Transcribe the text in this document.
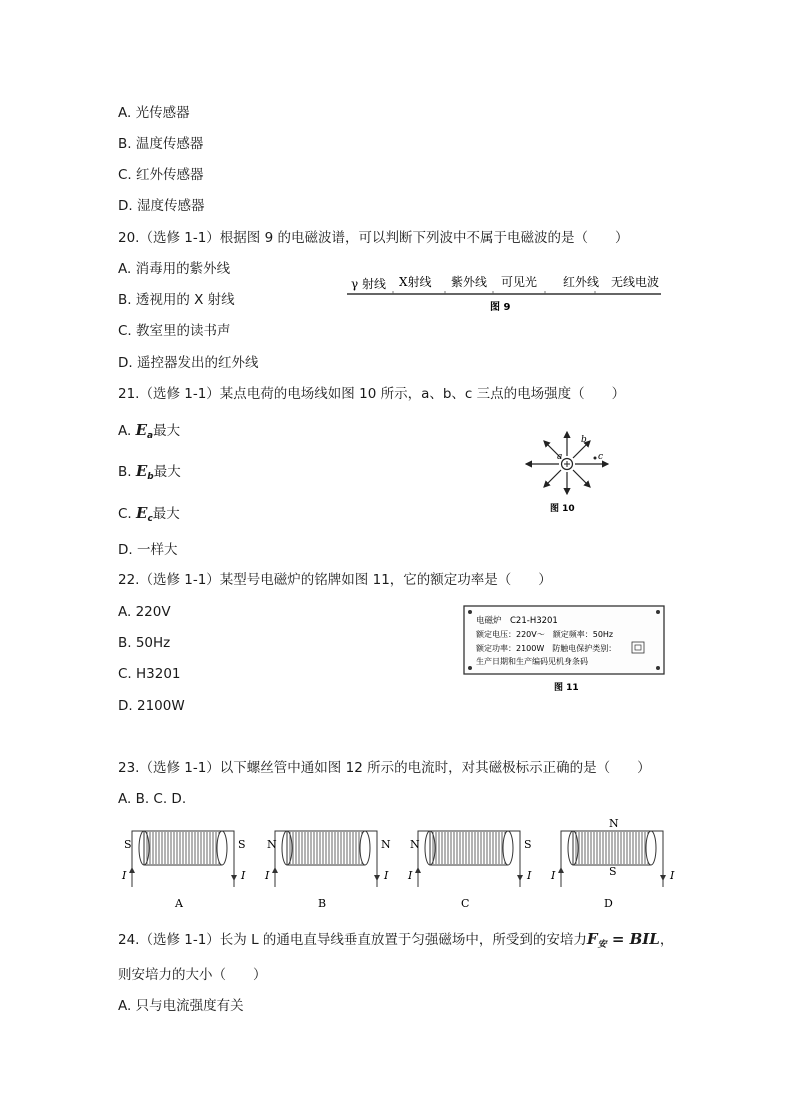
A. 光传感器
B. 温度传感器
C. 红外传感器
D. 湿度传感器
20.（选修 1-1）根据图 9 的电磁波谱，可以判断下列波中不属于电磁波的是（　　）
A. 消毒用的紫外线
B. 透视用的 X 射线
C. 教室里的读书声
D. 遥控器发出的红外线
γ 射线 X射线 紫外线 可见光 红外线 无线电波
图 9
21.（选修 1-1）某点电荷的电场线如图 10 所示，a、b、c 三点的电场强度（　　）
A. $E_a$最大
B. $E_b$最大
C. $E_c$最大
D. 一样大
a
b
c
图 10
22.（选修 1-1）某型号电磁炉的铭牌如图 11，它的额定功率是（　　）
A. 220V
B. 50Hz
C. H3201
D. 2100W
电磁炉　C21-H3201
额定电压：220V～　额定频率：50Hz
额定功率：2100W　防触电保护类别：
生产日期和生产编码见机身条码
图 11
23.（选修 1-1）以下螺丝管中通如图 12 所示的电流时，对其磁极标示正确的是（　　）
A. B. C. D.
S	S
I	I
A
N	N
I	I
B
N	S
I	I
C
N
S
I	I
D
24.（选修 1-1）长为 L 的通电直导线垂直放置于匀强磁场中，所受到的安培力$F_安$ = BIL，
则安培力的大小（　　）
A. 只与电流强度有关
